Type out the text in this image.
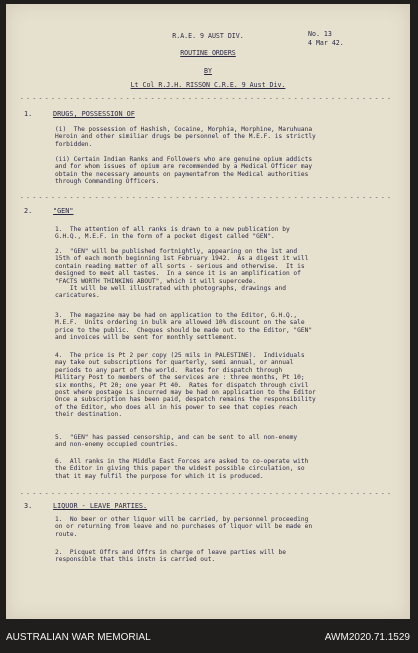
R.A.E. 9 AUST DIV.	No. 13
4 Mar 42.
ROUTINE ORDERS
BY
Lt Col R.J.H. RISSON C.R.E. 9 Aust Div.
- - - - - - - - - - - - - - - - - - - - - - - - - - - - - - - - - - - - - - - - - - - - - - - - - - - - - - - - - - - -
1.	DRUGS, POSSESSION OF
(i)  The possession of Hashish, Cocaine, Morphia, Morphine, Maruhuana
Heroin and other similiar drugs be personnel of the M.E.F. is strictly
forbidden.
(ii) Certain Indian Ranks and Followers who are genuine opium addicts
and for whom issues of opium are recommended by a Medical Officer may
obtain the necessary amounts on paymentafrom the Medical authorities
through Commanding Officers.
- - - - - - - - - - - - - - - - - - - - - - - - - - - - - - - - - - - - - - - - - - - - - - - - - - - - - - - - - - - -
2.	"GEN"
1.  The attention of all ranks is drawn to a new publication by
G.H.Q., M.E.F. in the form of a pocket digest called "GEN".
2.  "GEN" will be published fortnightly, appearing on the 1st and
15th of each month beginning 1st February 1942.  As a digest it will
contain reading matter of all sorts - serious and otherwise.  It is
designed to meet all tastes.  In a sence it is an amplification of
"FACTS WORTH THINKING ABOUT", which it will supercede.
It will be well illustrated with photographs, drawings and
caricatures.
3.  The magazine may be had on application to the Editor, G.H.Q.,
M.E.F.  Units ordering in bulk are allowed 10% discount on the sale
price to the public.  Cheques should be made out to the Editor, "GEN"
and invoices will be sent for monthly settlement.
4.  The price is Pt 2 per copy (25 mils in PALESTINE).  Individuals
may take out subscriptions for quarterly, semi annual, or annual
periods to any part of the world.  Rates for dispatch through
Military Post to members of the services are : three months, Pt 10;
six months, Pt 20; one year Pt 40.  Rates for dispatch through civil
post where postage is incurred may be had on application to the Editor
Once a subscription has been paid, despatch remains the responsibility
of the Editor, who does all in his power to see that copies reach
their destination.
5.  "GEN" has passed censorship, and can be sent to all non-enemy
and non-enemy occupied countries.
6.  All ranks in the Middle East Forces are asked to co-operate with
the Editor in giving this paper the widest possible circulation, so
that it may fulfil the purpose for which it is produced.
- - - - - - - - - - - - - - - - - - - - - - - - - - - - - - - - - - - - - - - - - - - - - - - - - - - - - - - - - - - -
3.	LIQUOR - LEAVE PARTIES.
1.  No beer or other liquor will be carried, by personnel proceeding
on or returning from leave and no purchases of liquor will be made en
route.
2.  Picquet Offrs and Offrs in charge of leave parties will be
responsible that this instn is carried out.
AUSTRALIAN WAR MEMORIAL	AWM2020.71.1529
